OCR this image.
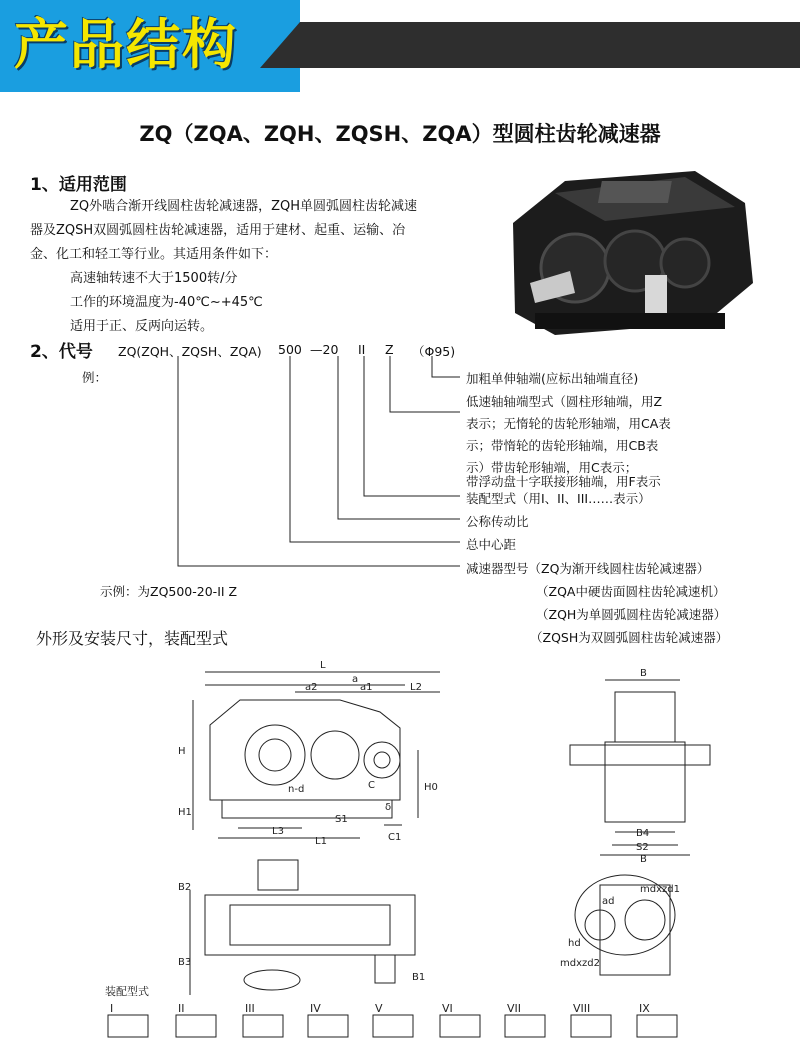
产品结构
ZQ（ZQA、ZQH、ZQSH、ZQA）型圆柱齿轮减速器
1、适用范围
ZQ外啮合渐开线圆柱齿轮减速器，ZQH单圆弧圆柱齿轮减速
器及ZQSH双圆弧圆柱齿轮减速器，适用于建材、起重、运输、冶
金、化工和轻工等行业。其适用条件如下：
高速轴转速不大于1500转/分
工作的环境温度为-40℃~+45℃
适用于正、反两向运转。
2、代号
例：
ZQ(ZQH、ZQSH、ZQA) 500 —20 II Z （Φ95)
加粗单伸轴端(应标出轴端直径)
低速轴轴端型式（圆柱形轴端，用Z
表示；无惰轮的齿轮形轴端，用CA表
示；带惰轮的齿轮形轴端，用CB表
示）带齿轮形轴端，用C表示；
带浮动盘十字联接形轴端，用F表示
装配型式（用I、II、III……表示）
公称传动比
总中心距
减速器型号（ZQ为渐开线圆柱齿轮减速器）
（ZQA中硬齿面圆柱齿轮减速机）
（ZQH为单圆弧圆柱齿轮减速器）
（ZQSH为双圆弧圆柱齿轮减速器）
示例：为ZQ500-20-II Z
外形及安装尺寸，装配型式
L
a
a2	a1	L2
H
H0
H1
n-d	C
S1
L3
L1	C1
δ
B
B4
S2
B
B2
B3
B1
mdxzd1
ad
hd
mdxzd2
装配型式
I	II	III	IV	V	VI	VII	VIII	IX
